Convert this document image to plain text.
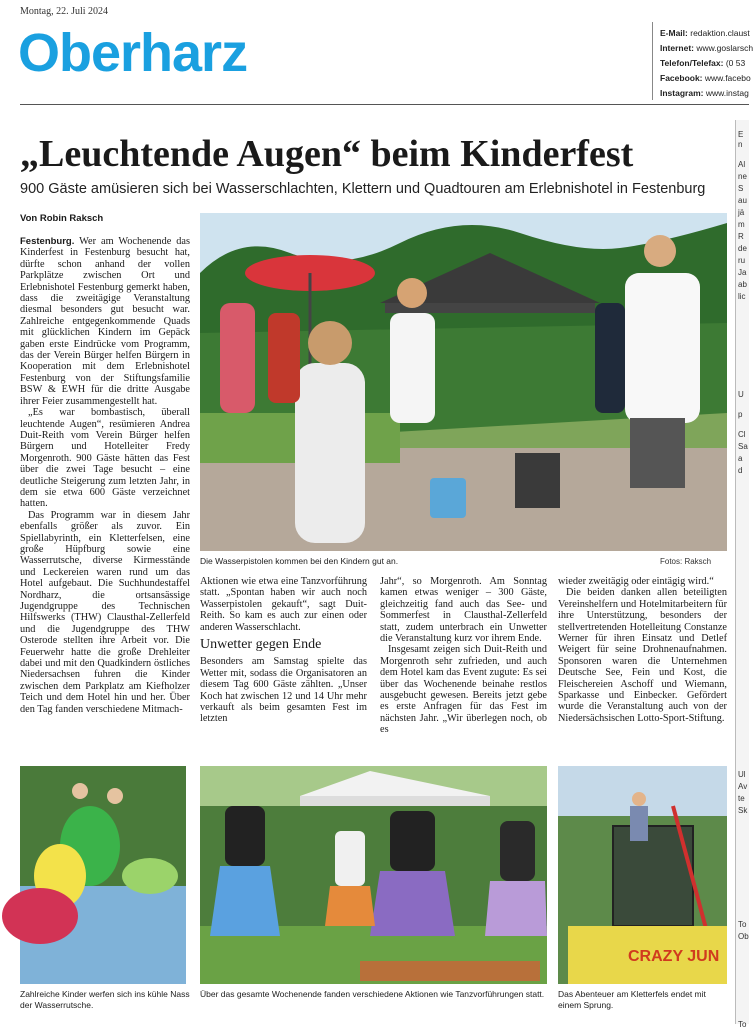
Montag, 22. Juli 2024
Oberharz	E-Mail: redaktion.claust
Internet: www.goslarsch
Telefon/Telefax: (0 53
Facebook: www.facebo
Instagram: www.instag
„Leuchtende Augen“ beim Kinderfest
900 Gäste amüsieren sich bei Wasserschlachten, Klettern und Quadtouren am Erlebnishotel in Festenburg
Von Robin Raksch

Festenburg. Wer am Wochenende das Kinderfest in Festenburg besucht hat, dürfte schon anhand der vollen Parkplätze zwischen Ort und Erlebnishotel Festenburg gemerkt haben, dass die zweitägige Veranstaltung diesmal besonders gut besucht war. Zahlreiche entgegenkommende Quads mit glücklichen Kindern im Gepäck gaben erste Eindrücke vom Programm, das der Verein Bürger helfen Bürgern in Kooperation mit dem Erlebnishotel Festenburg von der Stiftungsfamilie BSW & EWH für die dritte Ausgabe ihrer Feier zusammengestellt hat.

„Es war bombastisch, überall leuchtende Augen“, resümieren Andrea Duit-Reith vom Verein Bürger helfen Bürgern und Hotelleiter Fredy Morgenroth. 900 Gäste hätten das Fest über die zwei Tage besucht – eine deutliche Steigerung zum letzten Jahr, in dem sie etwa 600 Gäste verzeichnet hatten.

Das Programm war in diesem Jahr ebenfalls größer als zuvor. Ein Spiellabyrinth, ein Kletterfelsen, eine große Hüpfburg sowie eine Wasserrutsche, diverse Kirmesstände und Leckereien waren rund um das Hotel aufgebaut. Die Suchhundestaffel Nordharz, die ortsansässige Jugendgruppe des Technischen Hilfswerks (THW) Clausthal-Zellerfeld und die Jugendgruppe des THW Osterode stellten ihre Arbeit vor. Die Feuerwehr hatte die große Drehleiter dabei und mit den Quadkindern östliches Niedersachsen fuhren die Kinder zwischen dem Parkplatz am Kiefholzer Teich und dem Hotel hin und her. Über den Tag fanden verschiedene Mitmach-

Die Wasserpistolen kommen bei den Kindern gut an.	Fotos: Raksch

Aktionen wie etwa eine Tanzvorführung statt. „Spontan haben wir auch noch Wasserpistolen gekauft“, sagt Duit-Reith. So kam es auch zur einen oder anderen Wasserschlacht.

Unwetter gegen Ende

Besonders am Samstag spielte das Wetter mit, sodass die Organisatoren an diesem Tag 600 Gäste zählten. „Unser Koch hat zwischen 12 und 14 Uhr mehr verkauft als beim gesamten Fest im letzten

Jahr“, so Morgenroth. Am Sonntag kamen etwas weniger – 300 Gäste, gleichzeitig fand auch das See- und Sommerfest in Clausthal-Zellerfeld statt, zudem unterbrach ein Unwetter die Veranstaltung kurz vor ihrem Ende.

Insgesamt zeigen sich Duit-Reith und Morgenroth sehr zufrieden, und auch dem Hotel kam das Event zugute: Es sei über das Wochenende beinahe restlos ausgebucht gewesen. Bereits jetzt gebe es erste Anfragen für das Fest im nächsten Jahr. „Wir überlegen noch, ob es

wieder zweitägig oder eintägig wird.“

Die beiden danken allen beteiligten Vereinshelfern und Hotelmitarbeitern für ihre Unterstützung, besonders der stellvertretenden Hotelleitung Constanze Werner für ihren Einsatz und Detlef Weigert für seine Drohnenaufnahmen. Sponsoren waren die Unternehmen Deutsche See, Fein und Kost, die Fleischereien Aschoff und Wiemann, Sparkasse und Einbecker. Gefördert wurde die Veranstaltung auch von der Niedersächsischen Lotto-Sport-Stiftung.

Zahlreiche Kinder werfen sich ins kühle Nass der Wasserrutsche.
Über das gesamte Wochenende fanden verschiedene Aktionen wie Tanzvorführungen statt.
CRAZY JUN
Das Abenteuer am Kletterfels endet mit einem Sprung.
E
n
Al
ne
S
au
jä
m
R
de
ru
Ja
ab
lic
U
p
Cl
Sa
a
d
Ul
Av
te
Sk
To
Ob
To
